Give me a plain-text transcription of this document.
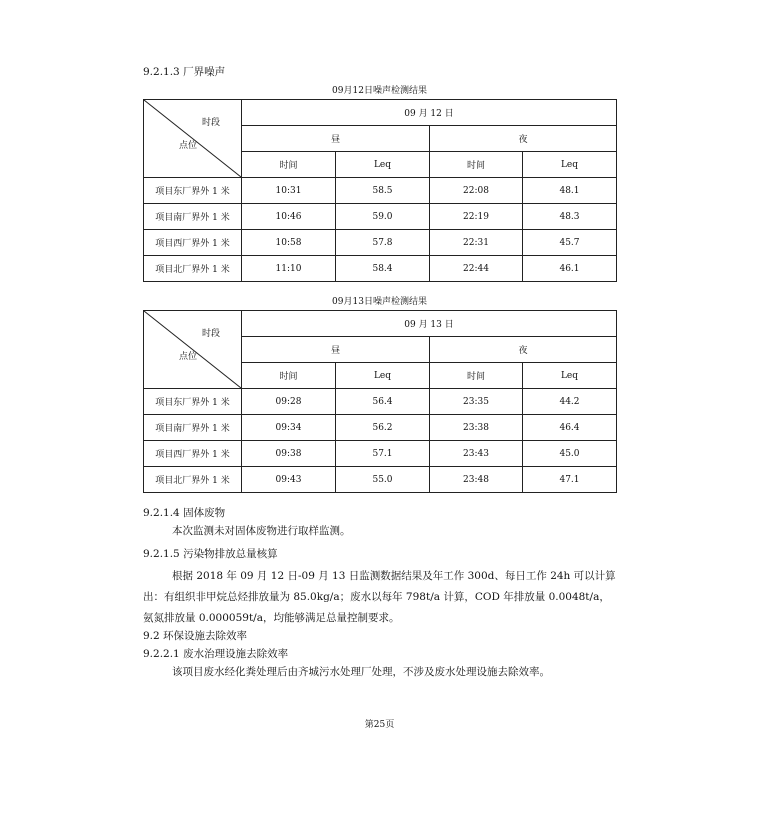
9.2.1.3 厂界噪声
09月12日噪声检测结果
时段
点位	09 月 12 日			
	昼		夜	
	时间	Leq	时间	Leq
项目东厂界外 1 米	10:31	58.5	22:08	48.1
项目南厂界外 1 米	10:46	59.0	22:19	48.3
项目西厂界外 1 米	10:58	57.8	22:31	45.7
项目北厂界外 1 米	11:10	58.4	22:44	46.1
09月13日噪声检测结果
时段
点位	09 月 13 日			
	昼		夜	
	时间	Leq	时间	Leq
项目东厂界外 1 米	09:28	56.4	23:35	44.2
项目南厂界外 1 米	09:34	56.2	23:38	46.4
项目西厂界外 1 米	09:38	57.1	23:43	45.0
项目北厂界外 1 米	09:43	55.0	23:48	47.1
9.2.1.4 固体废物
本次监测未对固体废物进行取样监测。
9.2.1.5 污染物排放总量核算
根据 2018 年 09 月 12 日-09 月 13 日监测数据结果及年工作 300d、每日工作 24h 可以计算
出：有组织非甲烷总烃排放量为 85.0kg/a；废水以每年 798t/a 计算，COD 年排放量 0.0048t/a，
氨氮排放量 0.000059t/a，均能够满足总量控制要求。
9.2 环保设施去除效率
9.2.2.1 废水治理设施去除效率
该项目废水经化粪处理后由齐城污水处理厂处理，不涉及废水处理设施去除效率。
第25页
